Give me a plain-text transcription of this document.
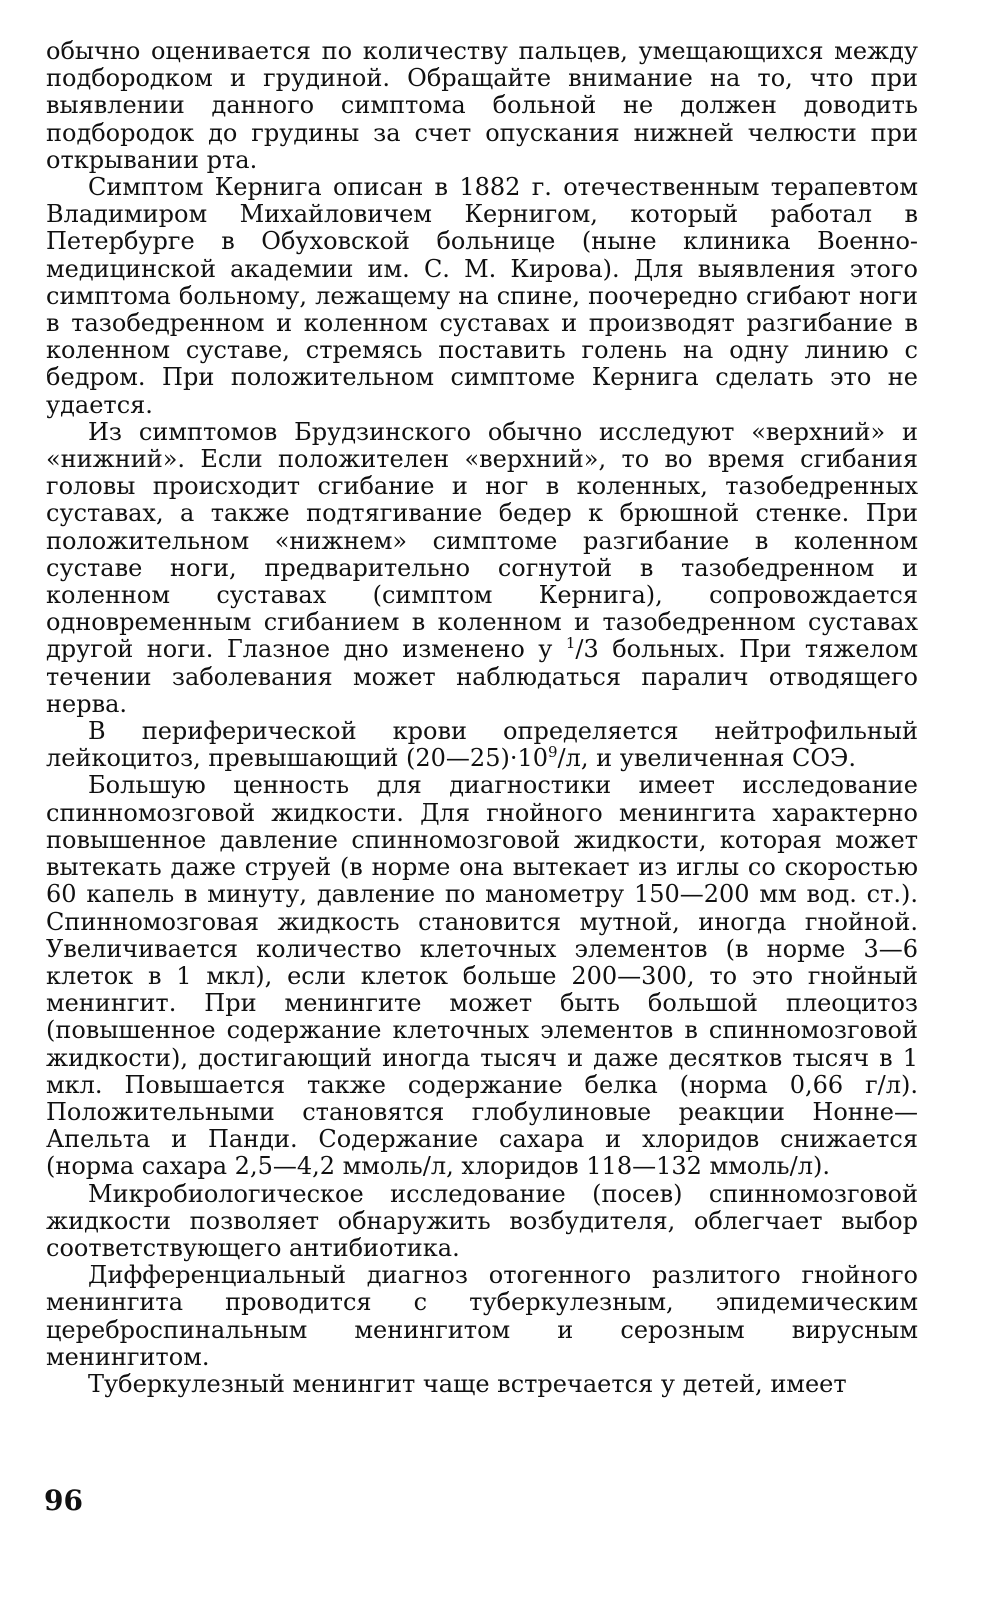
обычно оценивается по количеству пальцев, умещающихся между подбородком и грудиной. Обращайте внимание на то, что при выявлении данного симптома больной не должен доводить подбородок до грудины за счет опускания нижней челюсти при открывании рта.

Симптом Кернига описан в 1882 г. отечественным терапевтом Владимиром Михайловичем Кернигом, который работал в Петербурге в Обуховской больнице (ныне клиника Военно-медицинской академии им. С. М. Кирова). Для выявления этого симптома больному, лежащему на спине, поочередно сгибают ноги в тазобедренном и коленном суставах и производят разгибание в коленном суставе, стремясь поставить голень на одну линию с бедром. При положительном симптоме Кернига сделать это не удается.

Из симптомов Брудзинского обычно исследуют «верхний» и «нижний». Если положителен «верхний», то во время сгибания головы происходит сгибание и ног в коленных, тазобедренных суставах, а также подтягивание бедер к брюшной стенке. При положительном «нижнем» симптоме разгибание в коленном суставе ноги, предварительно согнутой в тазобедренном и коленном суставах (симптом Кернига), сопровождается одновременным сгибанием в коленном и тазобедренном суставах другой ноги. Глазное дно изменено у $^1$/3 больных. При тяжелом течении заболевания может наблюдаться паралич отводящего нерва.

В периферической крови определяется нейтрофильный лейкоцитоз, превышающий $(20—25)\cdot 10^9/л$, и увеличенная СОЭ.

Большую ценность для диагностики имеет исследование спинномозговой жидкости. Для гнойного менингита характерно повышенное давление спинномозговой жидкости, которая может вытекать даже струей (в норме она вытекает из иглы со скоростью 60 капель в минуту, давление по манометру 150—200 мм вод. ст.). Спинномозговая жидкость становится мутной, иногда гнойной. Увеличивается количество клеточных элементов (в норме 3—6 клеток в 1 мкл), если клеток больше 200—300, то это гнойный менингит. При менингите может быть большой плеоцитоз (повышенное содержание клеточных элементов в спинномозговой жидкости), достигающий иногда тысяч и даже десятков тысяч в 1 мкл. Повышается также содержание белка (норма 0,66 г/л). Положительными становятся глобулиновые реакции Нонне—Апельта и Панди. Содержание сахара и хлоридов снижается (норма сахара 2,5—4,2 ммоль/л, хлоридов 118—132 ммоль/л).

Микробиологическое исследование (посев) спинномозговой жидкости позволяет обнаружить возбудителя, облегчает выбор соответствующего антибиотика.

Дифференциальный диагноз отогенного разлитого гнойного менингита проводится с туберкулезным, эпидемическим цереброспинальным менингитом и серозным вирусным менингитом.

Туберкулезный менингит чаще встречается у детей, имеет

96
